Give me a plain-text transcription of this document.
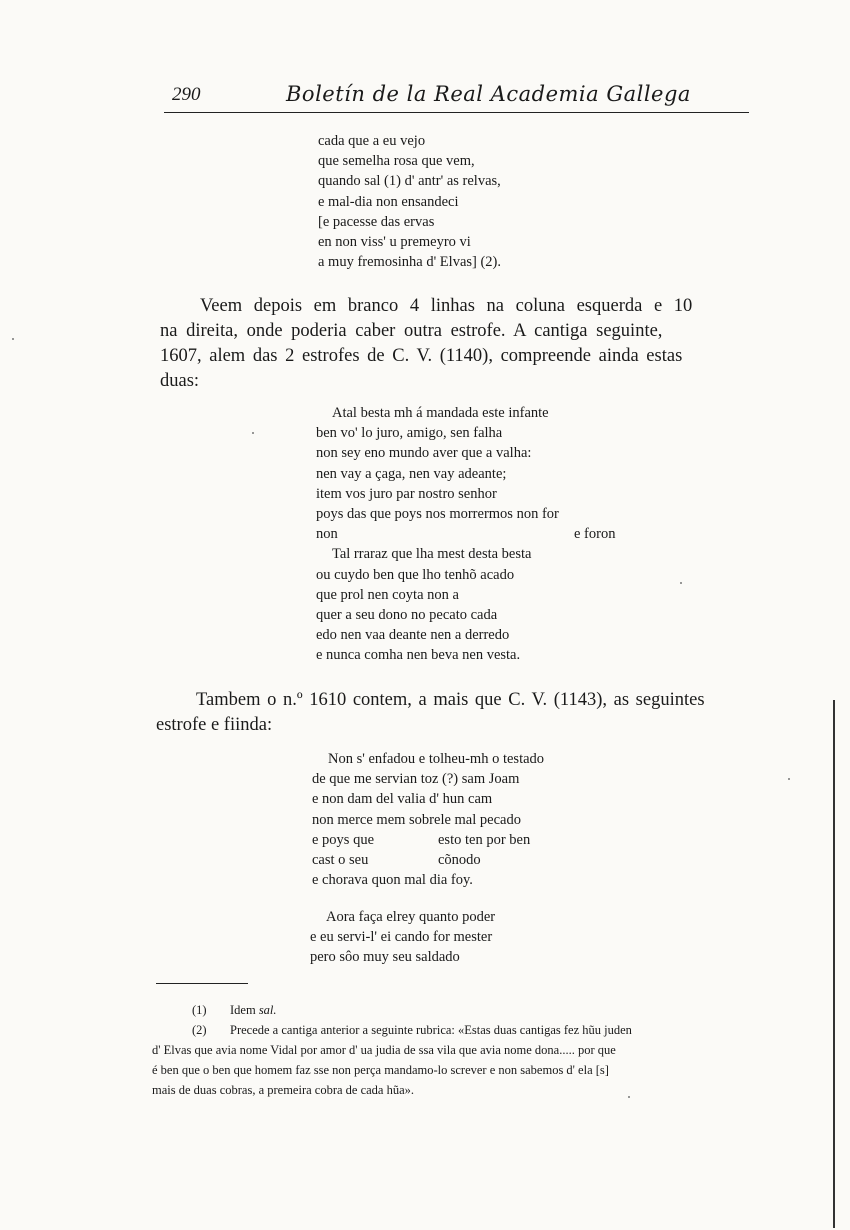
290	Boletín de la Real Academia Gallega
cada que a eu vejo
que semelha rosa que vem,
quando sal (1) d' antr' as relvas,
e mal-dia non ensandeci
[e pacesse das ervas
en non viss' u premeyro vi
a muy fremosinha d' Elvas] (2).
Veem depois em branco 4 linhas na coluna esquerda e 10
na direita, onde poderia caber outra estrofe. A cantiga seguinte,
1607, alem das 2 estrofes de C. V. (1140), compreende ainda estas
duas:
Atal besta mh á mandada este infante
ben vo' lo juro, amigo, sen falha
non sey eno mundo aver que a valha:
nen vay a çaga, nen vay adeante;
item vos juro par nostro senhor
poys das que poys nos morrermos non for
non	e foron
Tal rraraz que lha mest desta besta
ou cuydo ben que lho tenhõ acado
que prol nen coyta non a
quer a seu dono no pecato cada
edo nen vaa deante nen a derredo
e nunca comha nen beva nen vesta.
Tambem o n.º 1610 contem, a mais que C. V. (1143), as seguintes
estrofe e fiinda:
Non s' enfadou e tolheu-mh o testado
de que me servian toz (?) sam Joam
e non dam del valia d' hun cam
non merce mem sobrele mal pecado
e poys que	esto ten por ben
cast o seu	cõnodo
e chorava quon mal dia foy.
Aora faça elrey quanto poder
e eu servi-l' ei cando for mester
pero sôo muy seu saldado
(1)	Idem sal.
(2)	Precede a cantiga anterior a seguinte rubrica: «Estas duas cantigas fez hũu juden
d' Elvas que avia nome Vidal por amor d' ua judia de ssa vila que avia nome dona..... por que
é ben que o ben que homem faz sse non perça mandamo-lo screver e non sabemos d' ela [s]
mais de duas cobras, a premeira cobra de cada hũa».
